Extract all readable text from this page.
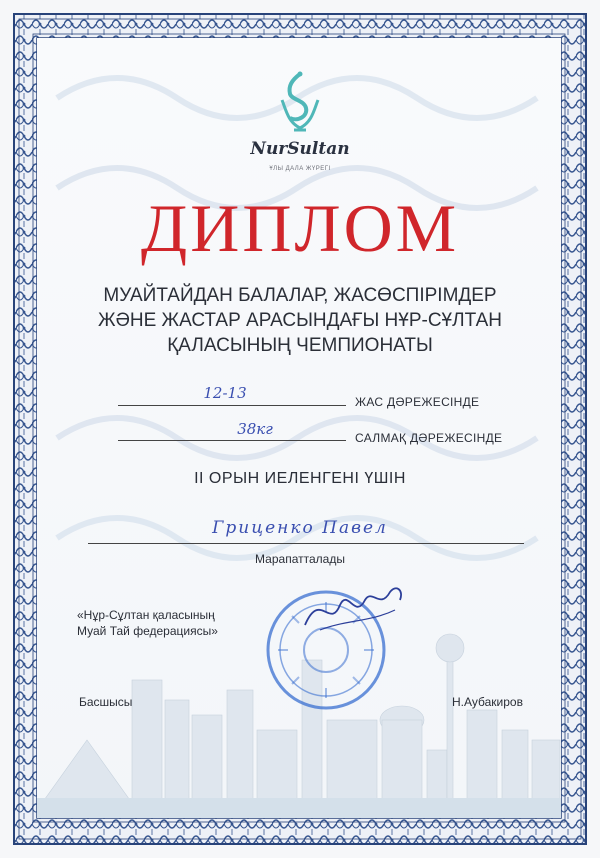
NurSultan
ҰЛЫ ДАЛА ЖҮРЕГІ
ДИПЛОМ
МУАЙТАЙДАН БАЛАЛАР, ЖАСӨСПІРІМДЕР
ЖӘНЕ ЖАСТАР АРАСЫНДАҒЫ НҰР-СҰЛТАН
ҚАЛАСЫНЫҢ ЧЕМПИОНАТЫ
12-13	ЖАС ДӘРЕЖЕСІНДЕ
38кг	САЛМАҚ ДӘРЕЖЕСІНДЕ
II ОРЫН ИЕЛЕНГЕНІ ҮШІН
Гриценко Павел
Марапатталады
«Нұр-Сұлтан қаласының
Муай Тай федерациясы»
Басшысы	Н.Аубакиров
